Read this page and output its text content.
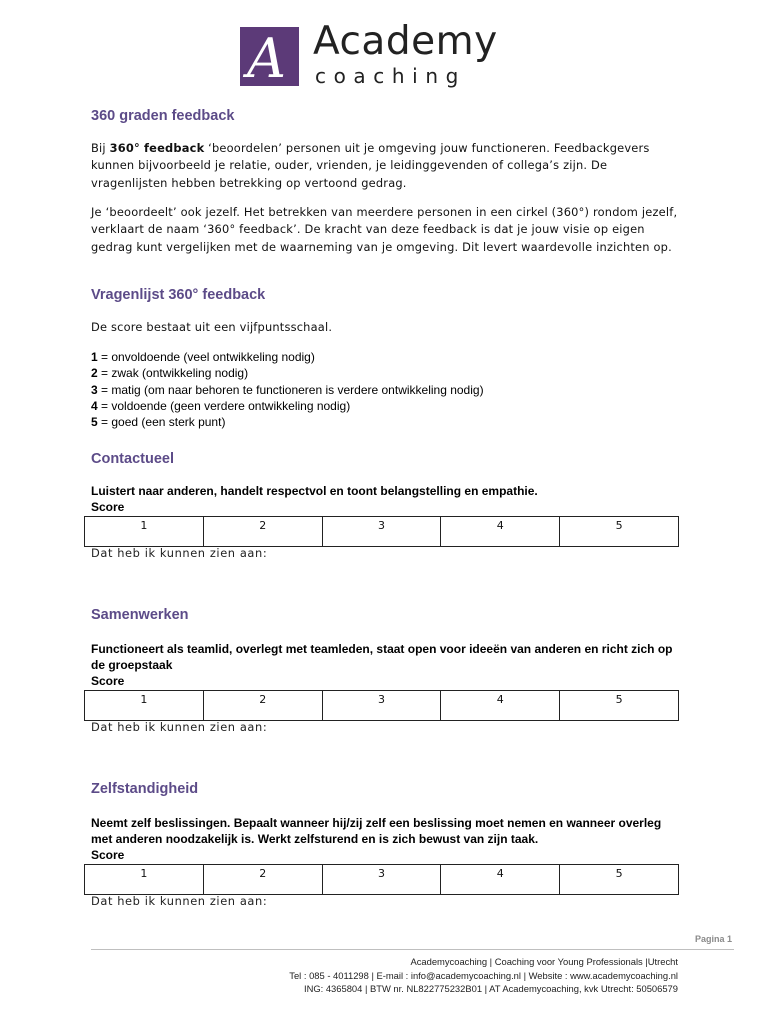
A Academy
coaching
360 graden feedback

Bij 360° feedback ‘beoordelen’ personen uit je omgeving jouw functioneren. Feedbackgevers kunnen bijvoorbeeld je relatie, ouder, vrienden, je leidinggevenden of collega’s zijn. De vragenlijsten hebben betrekking op vertoond gedrag.

Je ‘beoordeelt’ ook jezelf. Het betrekken van meerdere personen in een cirkel (360°) rondom jezelf, verklaart de naam ‘360° feedback’. De kracht van deze feedback is dat je jouw visie op eigen gedrag kunt vergelijken met de waarneming van je omgeving. Dit levert waardevolle inzichten op.

Vragenlijst 360° feedback

De score bestaat uit een vijfpuntsschaal.

1 = onvoldoende (veel ontwikkeling nodig)
2 = zwak (ontwikkeling nodig)
3 = matig (om naar behoren te functioneren is verdere ontwikkeling nodig)
4 = voldoende (geen verdere ontwikkeling nodig)
5 = goed (een sterk punt)
Contactueel

Luistert naar anderen, handelt respectvol en toont belangstelling en empathie.

Score
1	2	3	4	5
Dat heb ik kunnen zien aan:
Samenwerken

Functioneert als teamlid, overlegt met teamleden, staat open voor ideeën van anderen en richt zich op de groepstaak

Score
1	2	3	4	5
Dat heb ik kunnen zien aan:
Zelfstandigheid

Neemt zelf beslissingen. Bepaalt wanneer hij/zij zelf een beslissing moet nemen en wanneer overleg met anderen noodzakelijk is. Werkt zelfsturend en is zich bewust van zijn taak.

Score
1	2	3	4	5
Dat heb ik kunnen zien aan:
Pagina 1
Academycoaching | Coaching voor Young Professionals |Utrecht
Tel : 085 - 4011298 | E-mail : info@academycoaching.nl | Website : www.academycoaching.nl
ING: 4365804 | BTW nr. NL822775232B01 | AT Academycoaching, kvk Utrecht: 50506579
